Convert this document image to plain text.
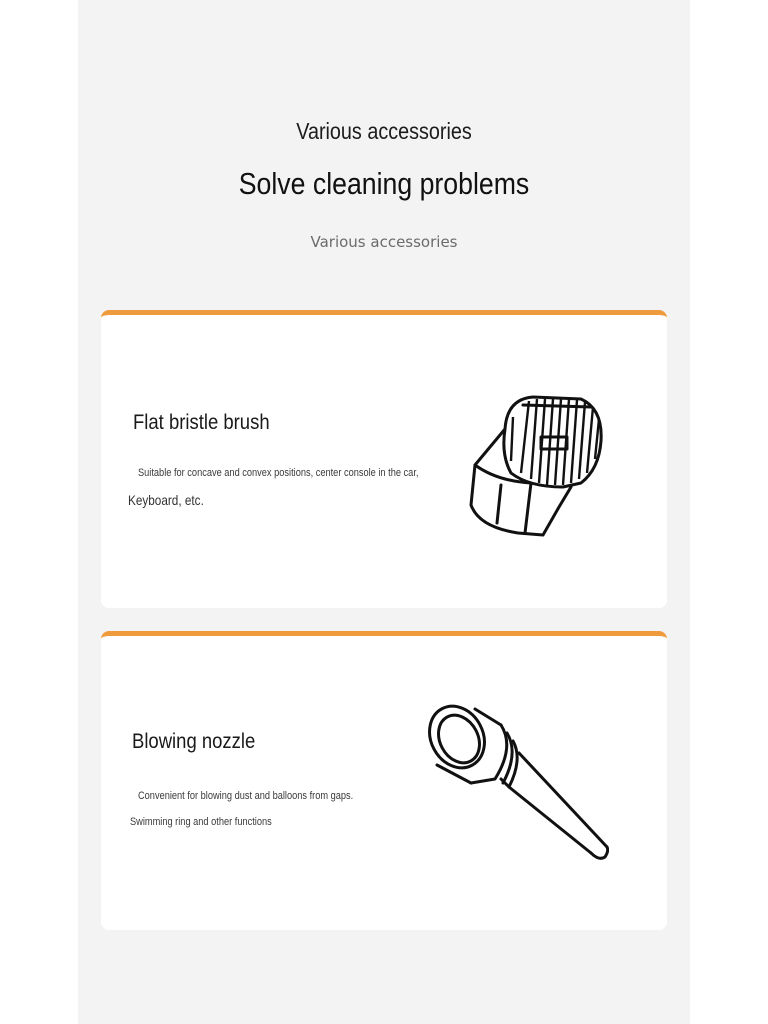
Various accessories
Solve cleaning problems
Various accessories
Flat bristle brush
Suitable for concave and convex positions, center console in the car,
Keyboard, etc.
Blowing nozzle
Convenient for blowing dust and balloons from gaps.
Swimming ring and other functions
